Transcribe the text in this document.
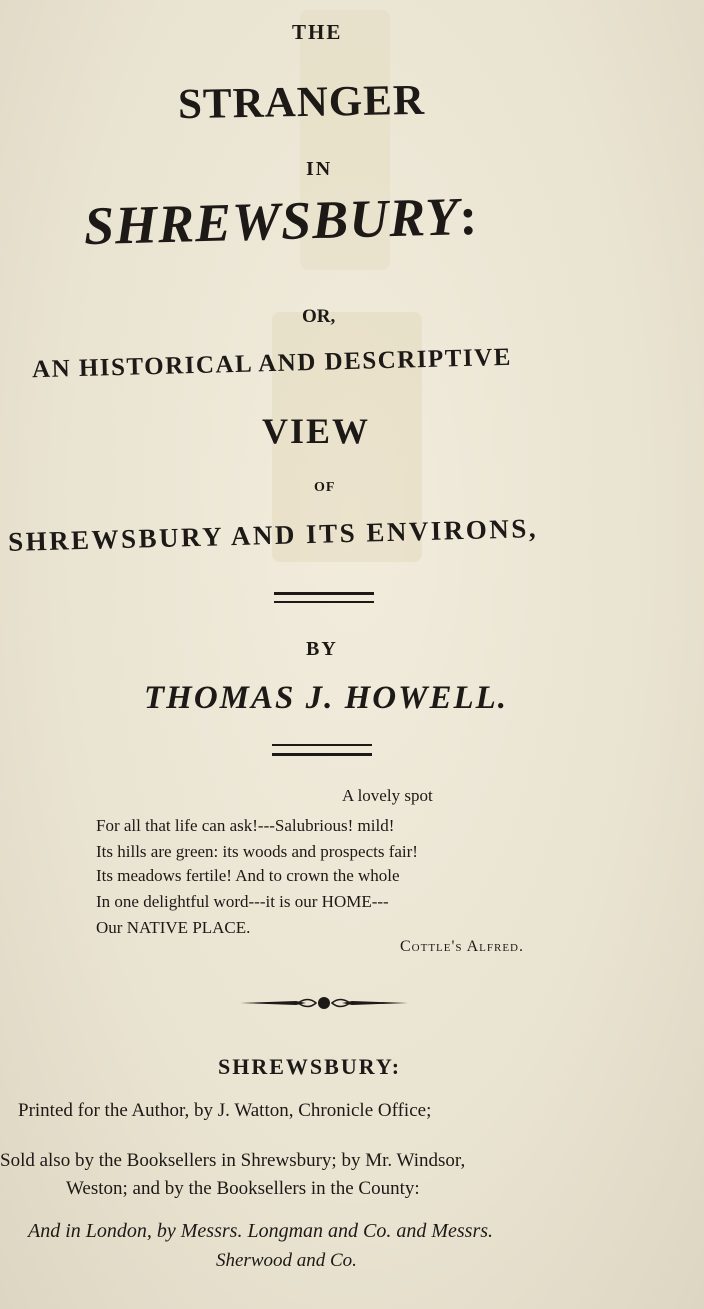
THE
STRANGER
IN
SHREWSBURY:
OR,
AN HISTORICAL AND DESCRIPTIVE
VIEW
OF
SHREWSBURY AND ITS ENVIRONS,
BY
THOMAS J. HOWELL.
A lovely spot
For all that life can ask!---Salubrious! mild!
Its hills are green: its woods and prospects fair!
Its meadows fertile! And to crown the whole
In one delightful word---it is our HOME---
Our NATIVE PLACE.
Cottle's Alfred.
SHREWSBURY:
Printed for the Author, by J. Watton, Chronicle Office;
Sold also by the Booksellers in Shrewsbury; by Mr. Windsor,
Weston; and by the Booksellers in the County:
And in London, by Messrs. Longman and Co. and Messrs.
Sherwood and Co.
